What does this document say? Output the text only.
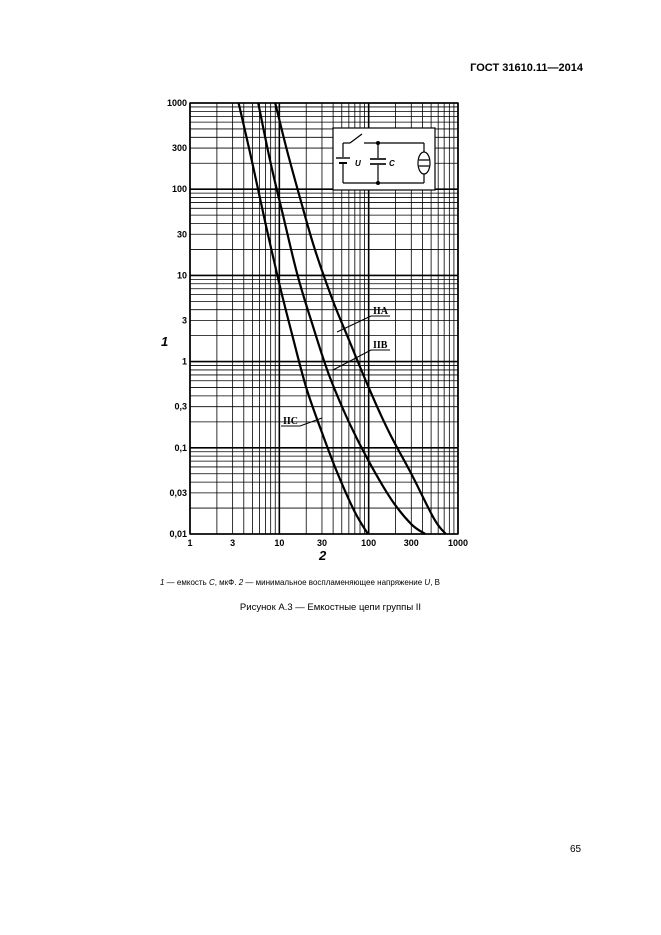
ГОСТ 31610.11—2014
0,01
0,03
0,1
0,3
1
3
10
30
100
300
1000
1	3	10	30	100	300	1000
U	C
IIA
IIB
IIC
1
2
1 — емкость C, мкФ. 2 — минимальное воспламеняющее напряжение U, В
Рисунок А.3 — Емкостные цепи группы II
65
